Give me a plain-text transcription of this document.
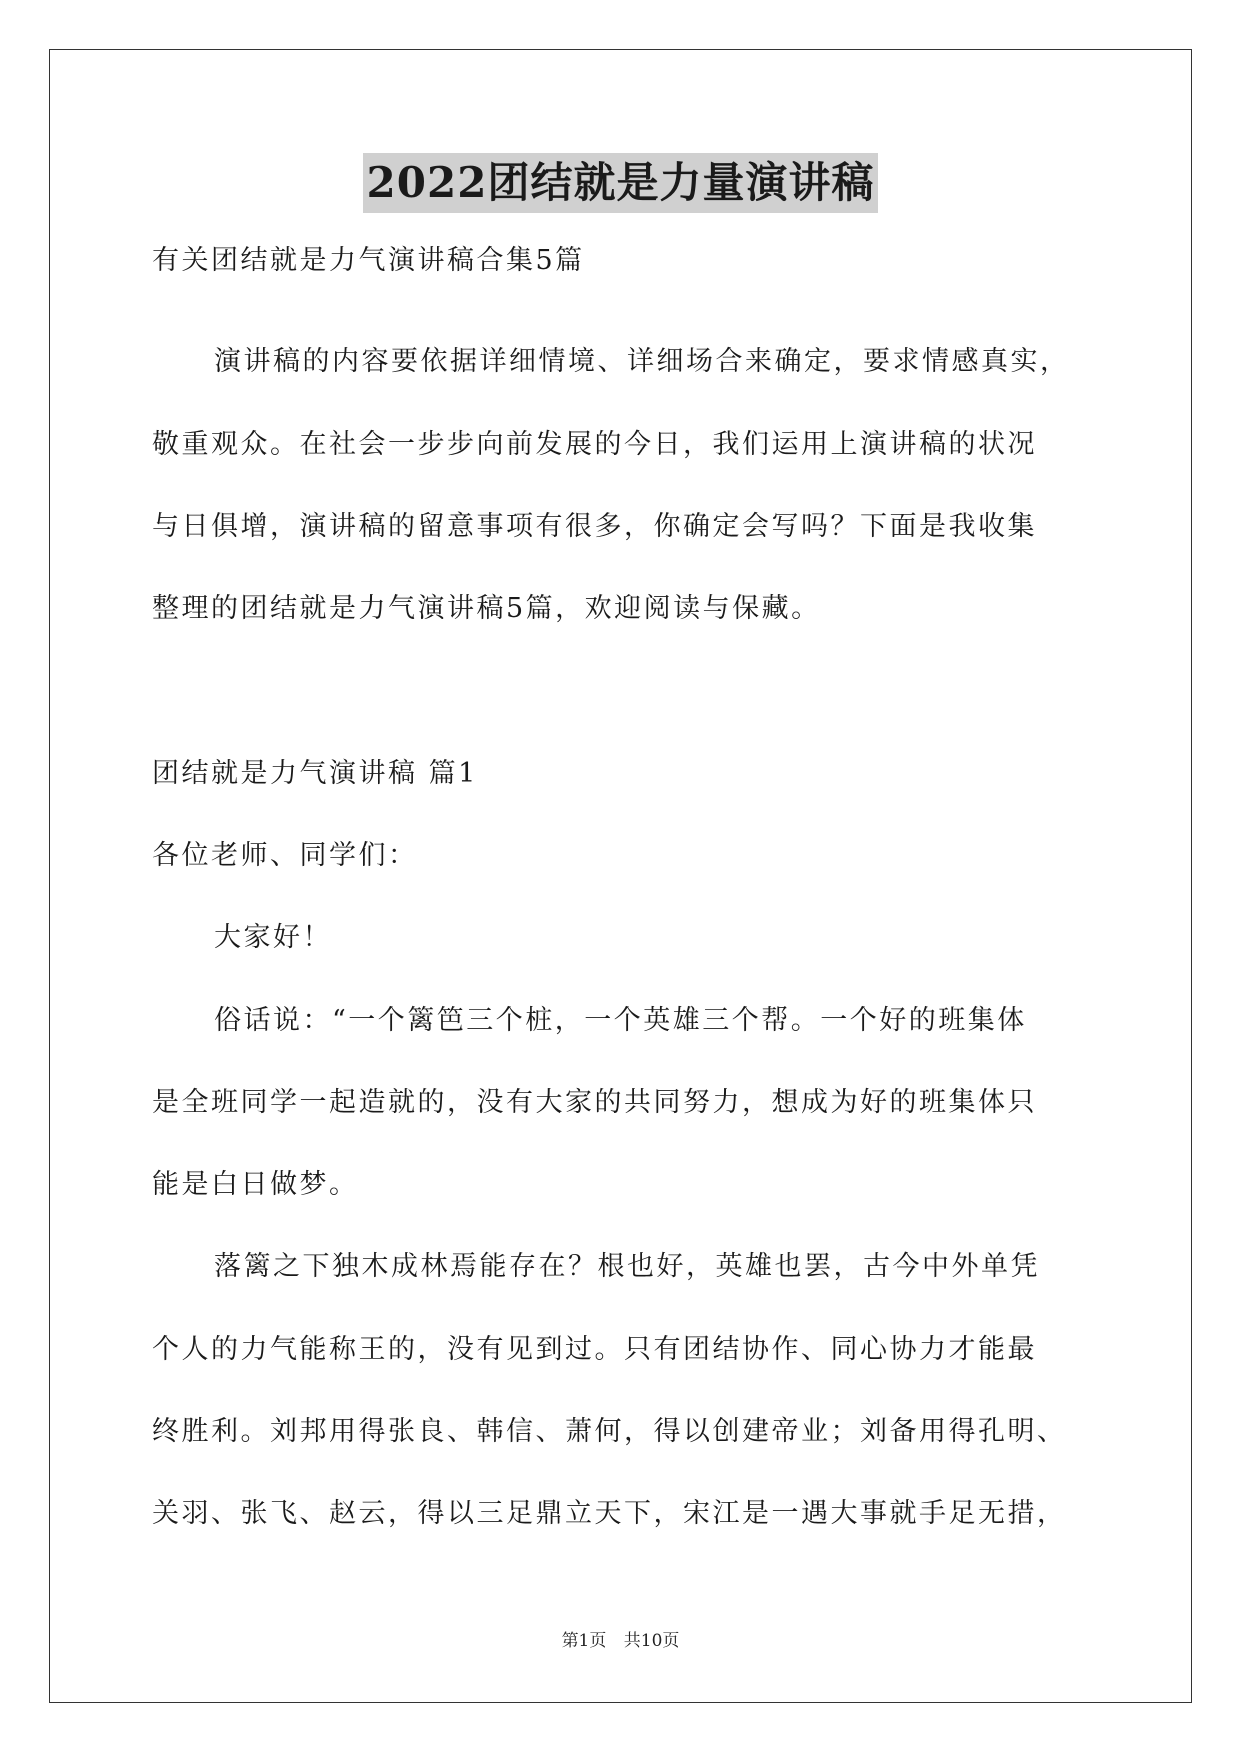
2022团结就是力量演讲稿
有关团结就是力气演讲稿合集5篇
演讲稿的内容要依据详细情境、详细场合来确定，要求情感真实，
敬重观众。在社会一步步向前发展的今日，我们运用上演讲稿的状况
与日俱增，演讲稿的留意事项有很多，你确定会写吗？下面是我收集
整理的团结就是力气演讲稿5篇，欢迎阅读与保藏。
团结就是力气演讲稿 篇1
各位老师、同学们：
大家好！
俗话说：“一个篱笆三个桩，一个英雄三个帮。一个好的班集体
是全班同学一起造就的，没有大家的共同努力，想成为好的班集体只
能是白日做梦。
落篱之下独木成林焉能存在？根也好，英雄也罢，古今中外单凭
个人的力气能称王的，没有见到过。只有团结协作、同心协力才能最
终胜利。刘邦用得张良、韩信、萧何，得以创建帝业；刘备用得孔明、
关羽、张飞、赵云，得以三足鼎立天下，宋江是一遇大事就手足无措，
第1页 共10页
